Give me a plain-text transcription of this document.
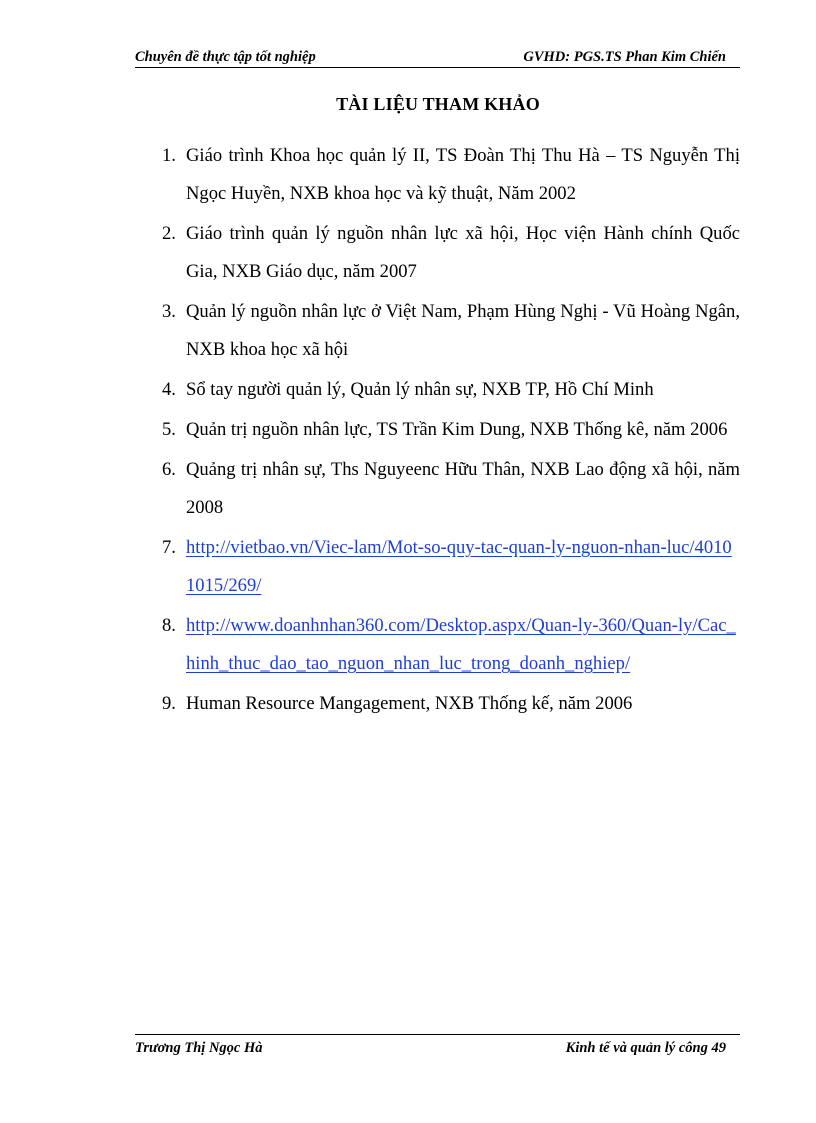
Chuyên đề thực tập tốt nghiệp	GVHD: PGS.TS Phan Kim Chiến
TÀI LIỆU THAM KHẢO
1. Giáo trình Khoa học quản lý II, TS Đoàn Thị Thu Hà – TS Nguyễn Thị Ngọc Huyền, NXB khoa học và kỹ thuật, Năm 2002
2. Giáo trình quản lý nguồn nhân lực xã hội, Học viện Hành chính Quốc Gia, NXB Giáo dục, năm 2007
3. Quản lý nguồn nhân lực ở Việt Nam, Phạm Hùng Nghị - Vũ Hoàng Ngân, NXB khoa học xã hội
4. Sổ tay người quản lý, Quản lý nhân sự, NXB TP, Hồ Chí Minh
5. Quản trị nguồn nhân lực, TS Trần Kim Dung, NXB Thống kê, năm 2006
6. Quảng trị nhân sự, Ths Nguyeenc Hữu Thân, NXB Lao động xã hội, năm 2008
7. http://vietbao.vn/Viec-lam/Mot-so-quy-tac-quan-ly-nguon-nhan-luc/40101015/269/
8. http://www.doanhnhan360.com/Desktop.aspx/Quan-ly-360/Quan-ly/Cac_hinh_thuc_dao_tao_nguon_nhan_luc_trong_doanh_nghiep/
9. Human Resource Mangagement, NXB Thống kế, năm 2006
Trương Thị Ngọc Hà	Kinh tế và quản lý công 49
